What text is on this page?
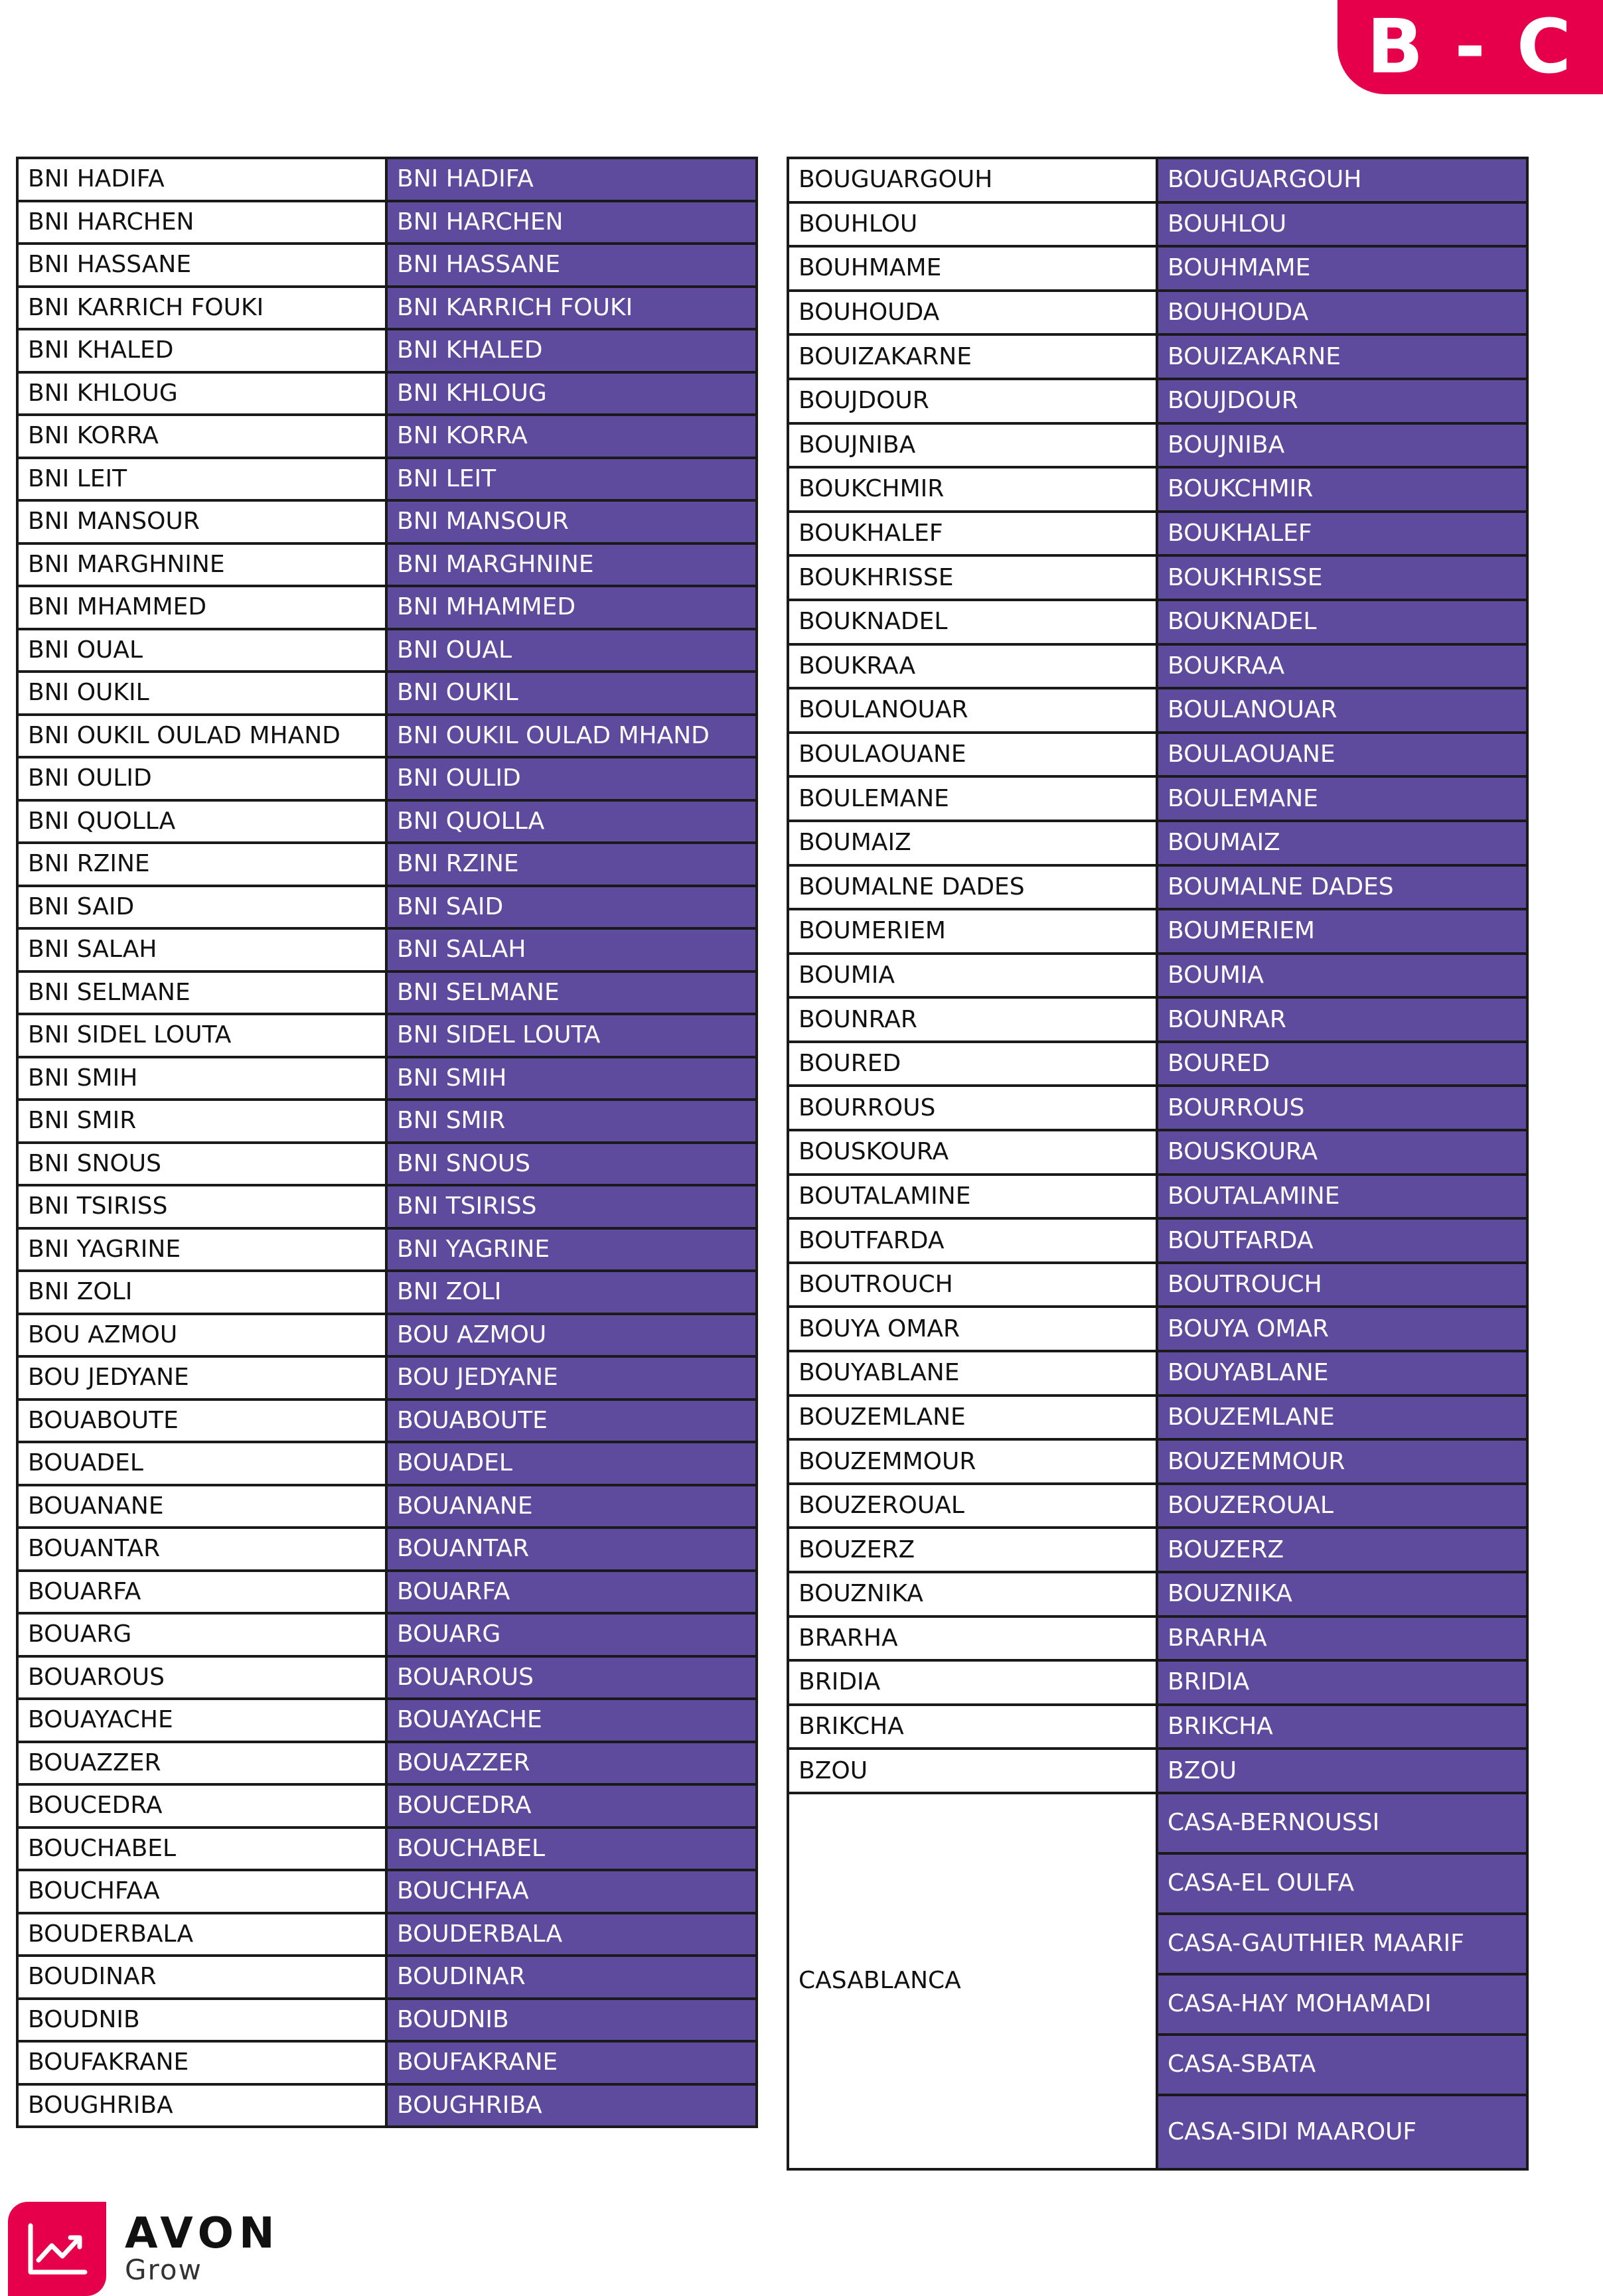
B - C
BNI HADIFA	BNI HADIFA
BNI HARCHEN	BNI HARCHEN
BNI HASSANE	BNI HASSANE
BNI KARRICH FOUKI	BNI KARRICH FOUKI
BNI KHALED	BNI KHALED
BNI KHLOUG	BNI KHLOUG
BNI KORRA	BNI KORRA
BNI LEIT	BNI LEIT
BNI MANSOUR	BNI MANSOUR
BNI MARGHNINE	BNI MARGHNINE
BNI MHAMMED	BNI MHAMMED
BNI OUAL	BNI OUAL
BNI OUKIL	BNI OUKIL
BNI OUKIL OULAD MHAND	BNI OUKIL OULAD MHAND
BNI OULID	BNI OULID
BNI QUOLLA	BNI QUOLLA
BNI RZINE	BNI RZINE
BNI SAID	BNI SAID
BNI SALAH	BNI SALAH
BNI SELMANE	BNI SELMANE
BNI SIDEL LOUTA	BNI SIDEL LOUTA
BNI SMIH	BNI SMIH
BNI SMIR	BNI SMIR
BNI SNOUS	BNI SNOUS
BNI TSIRISS	BNI TSIRISS
BNI YAGRINE	BNI YAGRINE
BNI ZOLI	BNI ZOLI
BOU AZMOU	BOU AZMOU
BOU JEDYANE	BOU JEDYANE
BOUABOUTE	BOUABOUTE
BOUADEL	BOUADEL
BOUANANE	BOUANANE
BOUANTAR	BOUANTAR
BOUARFA	BOUARFA
BOUARG	BOUARG
BOUAROUS	BOUAROUS
BOUAYACHE	BOUAYACHE
BOUAZZER	BOUAZZER
BOUCEDRA	BOUCEDRA
BOUCHABEL	BOUCHABEL
BOUCHFAA	BOUCHFAA
BOUDERBALA	BOUDERBALA
BOUDINAR	BOUDINAR
BOUDNIB	BOUDNIB
BOUFAKRANE	BOUFAKRANE
BOUGHRIBA	BOUGHRIBA
BOUGUARGOUH	BOUGUARGOUH
BOUHLOU	BOUHLOU
BOUHMAME	BOUHMAME
BOUHOUDA	BOUHOUDA
BOUIZAKARNE	BOUIZAKARNE
BOUJDOUR	BOUJDOUR
BOUJNIBA	BOUJNIBA
BOUKCHMIR	BOUKCHMIR
BOUKHALEF	BOUKHALEF
BOUKHRISSE	BOUKHRISSE
BOUKNADEL	BOUKNADEL
BOUKRAA	BOUKRAA
BOULANOUAR	BOULANOUAR
BOULAOUANE	BOULAOUANE
BOULEMANE	BOULEMANE
BOUMAIZ	BOUMAIZ
BOUMALNE DADES	BOUMALNE DADES
BOUMERIEM	BOUMERIEM
BOUMIA	BOUMIA
BOUNRAR	BOUNRAR
BOURED	BOURED
BOURROUS	BOURROUS
BOUSKOURA	BOUSKOURA
BOUTALAMINE	BOUTALAMINE
BOUTFARDA	BOUTFARDA
BOUTROUCH	BOUTROUCH
BOUYA OMAR	BOUYA OMAR
BOUYABLANE	BOUYABLANE
BOUZEMLANE	BOUZEMLANE
BOUZEMMOUR	BOUZEMMOUR
BOUZEROUAL	BOUZEROUAL
BOUZERZ	BOUZERZ
BOUZNIKA	BOUZNIKA
BRARHA	BRARHA
BRIDIA	BRIDIA
BRIKCHA	BRIKCHA
BZOU	BZOU
CASABLANCA	CASA-BERNOUSSI
	CASA-EL OULFA
	CASA-GAUTHIER MAARIF
	CASA-HAY MOHAMADI
	CASA-SBATA
	CASA-SIDI MAAROUF
AVON
Grow
